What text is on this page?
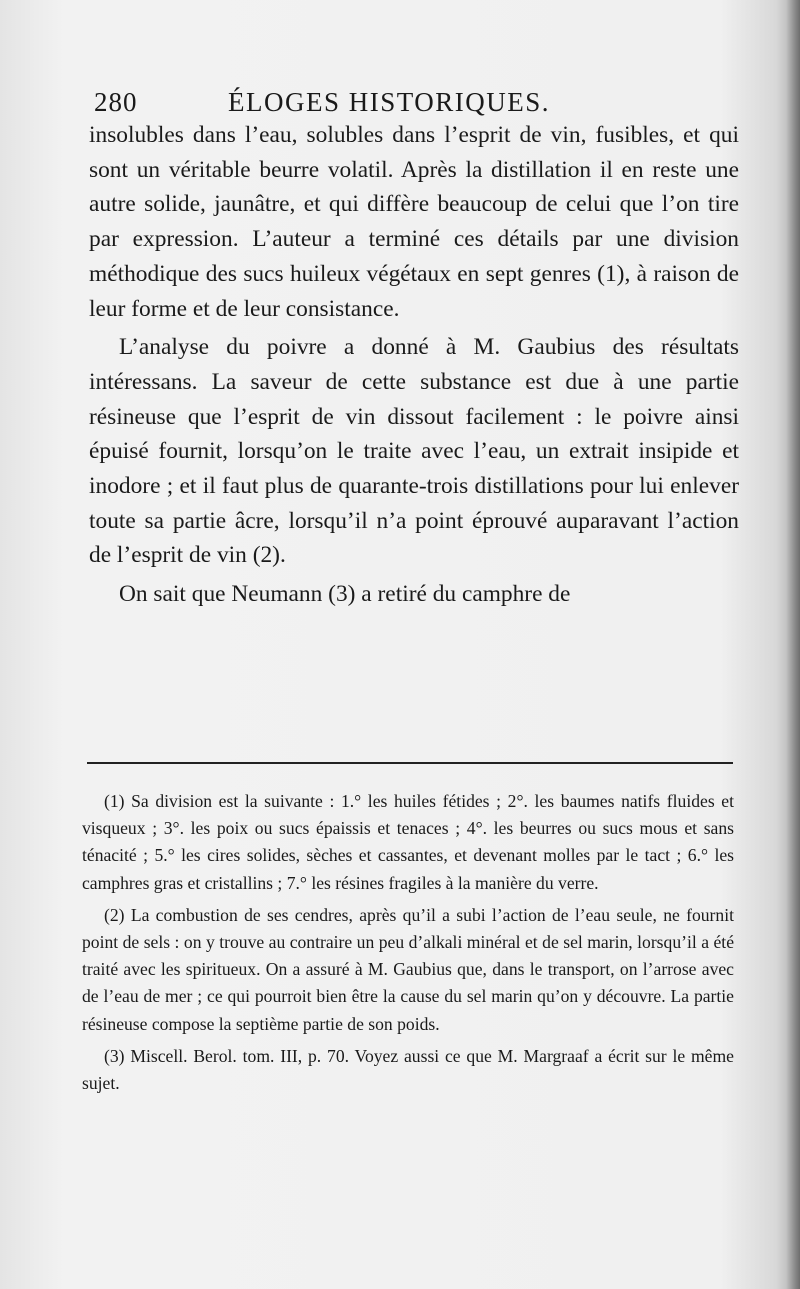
280	ÉLOGES HISTORIQUES.

insolubles dans l’eau, solubles dans l’esprit de vin, fusibles, et qui sont un véritable beurre volatil. Après la distillation il en reste une autre solide, jaunâtre, et qui diffère beaucoup de celui que l’on tire par expression. L’auteur a terminé ces détails par une division méthodique des sucs huileux végétaux en sept genres (1), à raison de leur forme et de leur consistance.

L’analyse du poivre a donné à M. Gaubius des résultats intéressans. La saveur de cette substance est due à une partie résineuse que l’esprit de vin dissout facilement : le poivre ainsi épuisé fournit, lorsqu’on le traite avec l’eau, un extrait insipide et inodore ; et il faut plus de quarante-trois distillations pour lui enlever toute sa partie âcre, lorsqu’il n’a point éprouvé auparavant l’action de l’esprit de vin (2).

On sait que Neumann (3) a retiré du camphre de

(1) Sa division est la suivante : 1.° les huiles fétides ; 2°. les baumes natifs fluides et visqueux ; 3°. les poix ou sucs épaissis et tenaces ; 4°. les beurres ou sucs mous et sans ténacité ; 5.° les cires solides, sèches et cassantes, et devenant molles par le tact ; 6.° les camphres gras et cristallins ; 7.° les résines fragiles à la manière du verre.

(2) La combustion de ses cendres, après qu’il a subi l’action de l’eau seule, ne fournit point de sels : on y trouve au contraire un peu d’alkali minéral et de sel marin, lorsqu’il a été traité avec les spiritueux. On a assuré à M. Gaubius que, dans le transport, on l’arrose avec de l’eau de mer ; ce qui pourroit bien être la cause du sel marin qu’on y découvre. La partie résineuse compose la septième partie de son poids.

(3) Miscell. Berol. tom. III, p. 70. Voyez aussi ce que M. Margraaf a écrit sur le même sujet.
